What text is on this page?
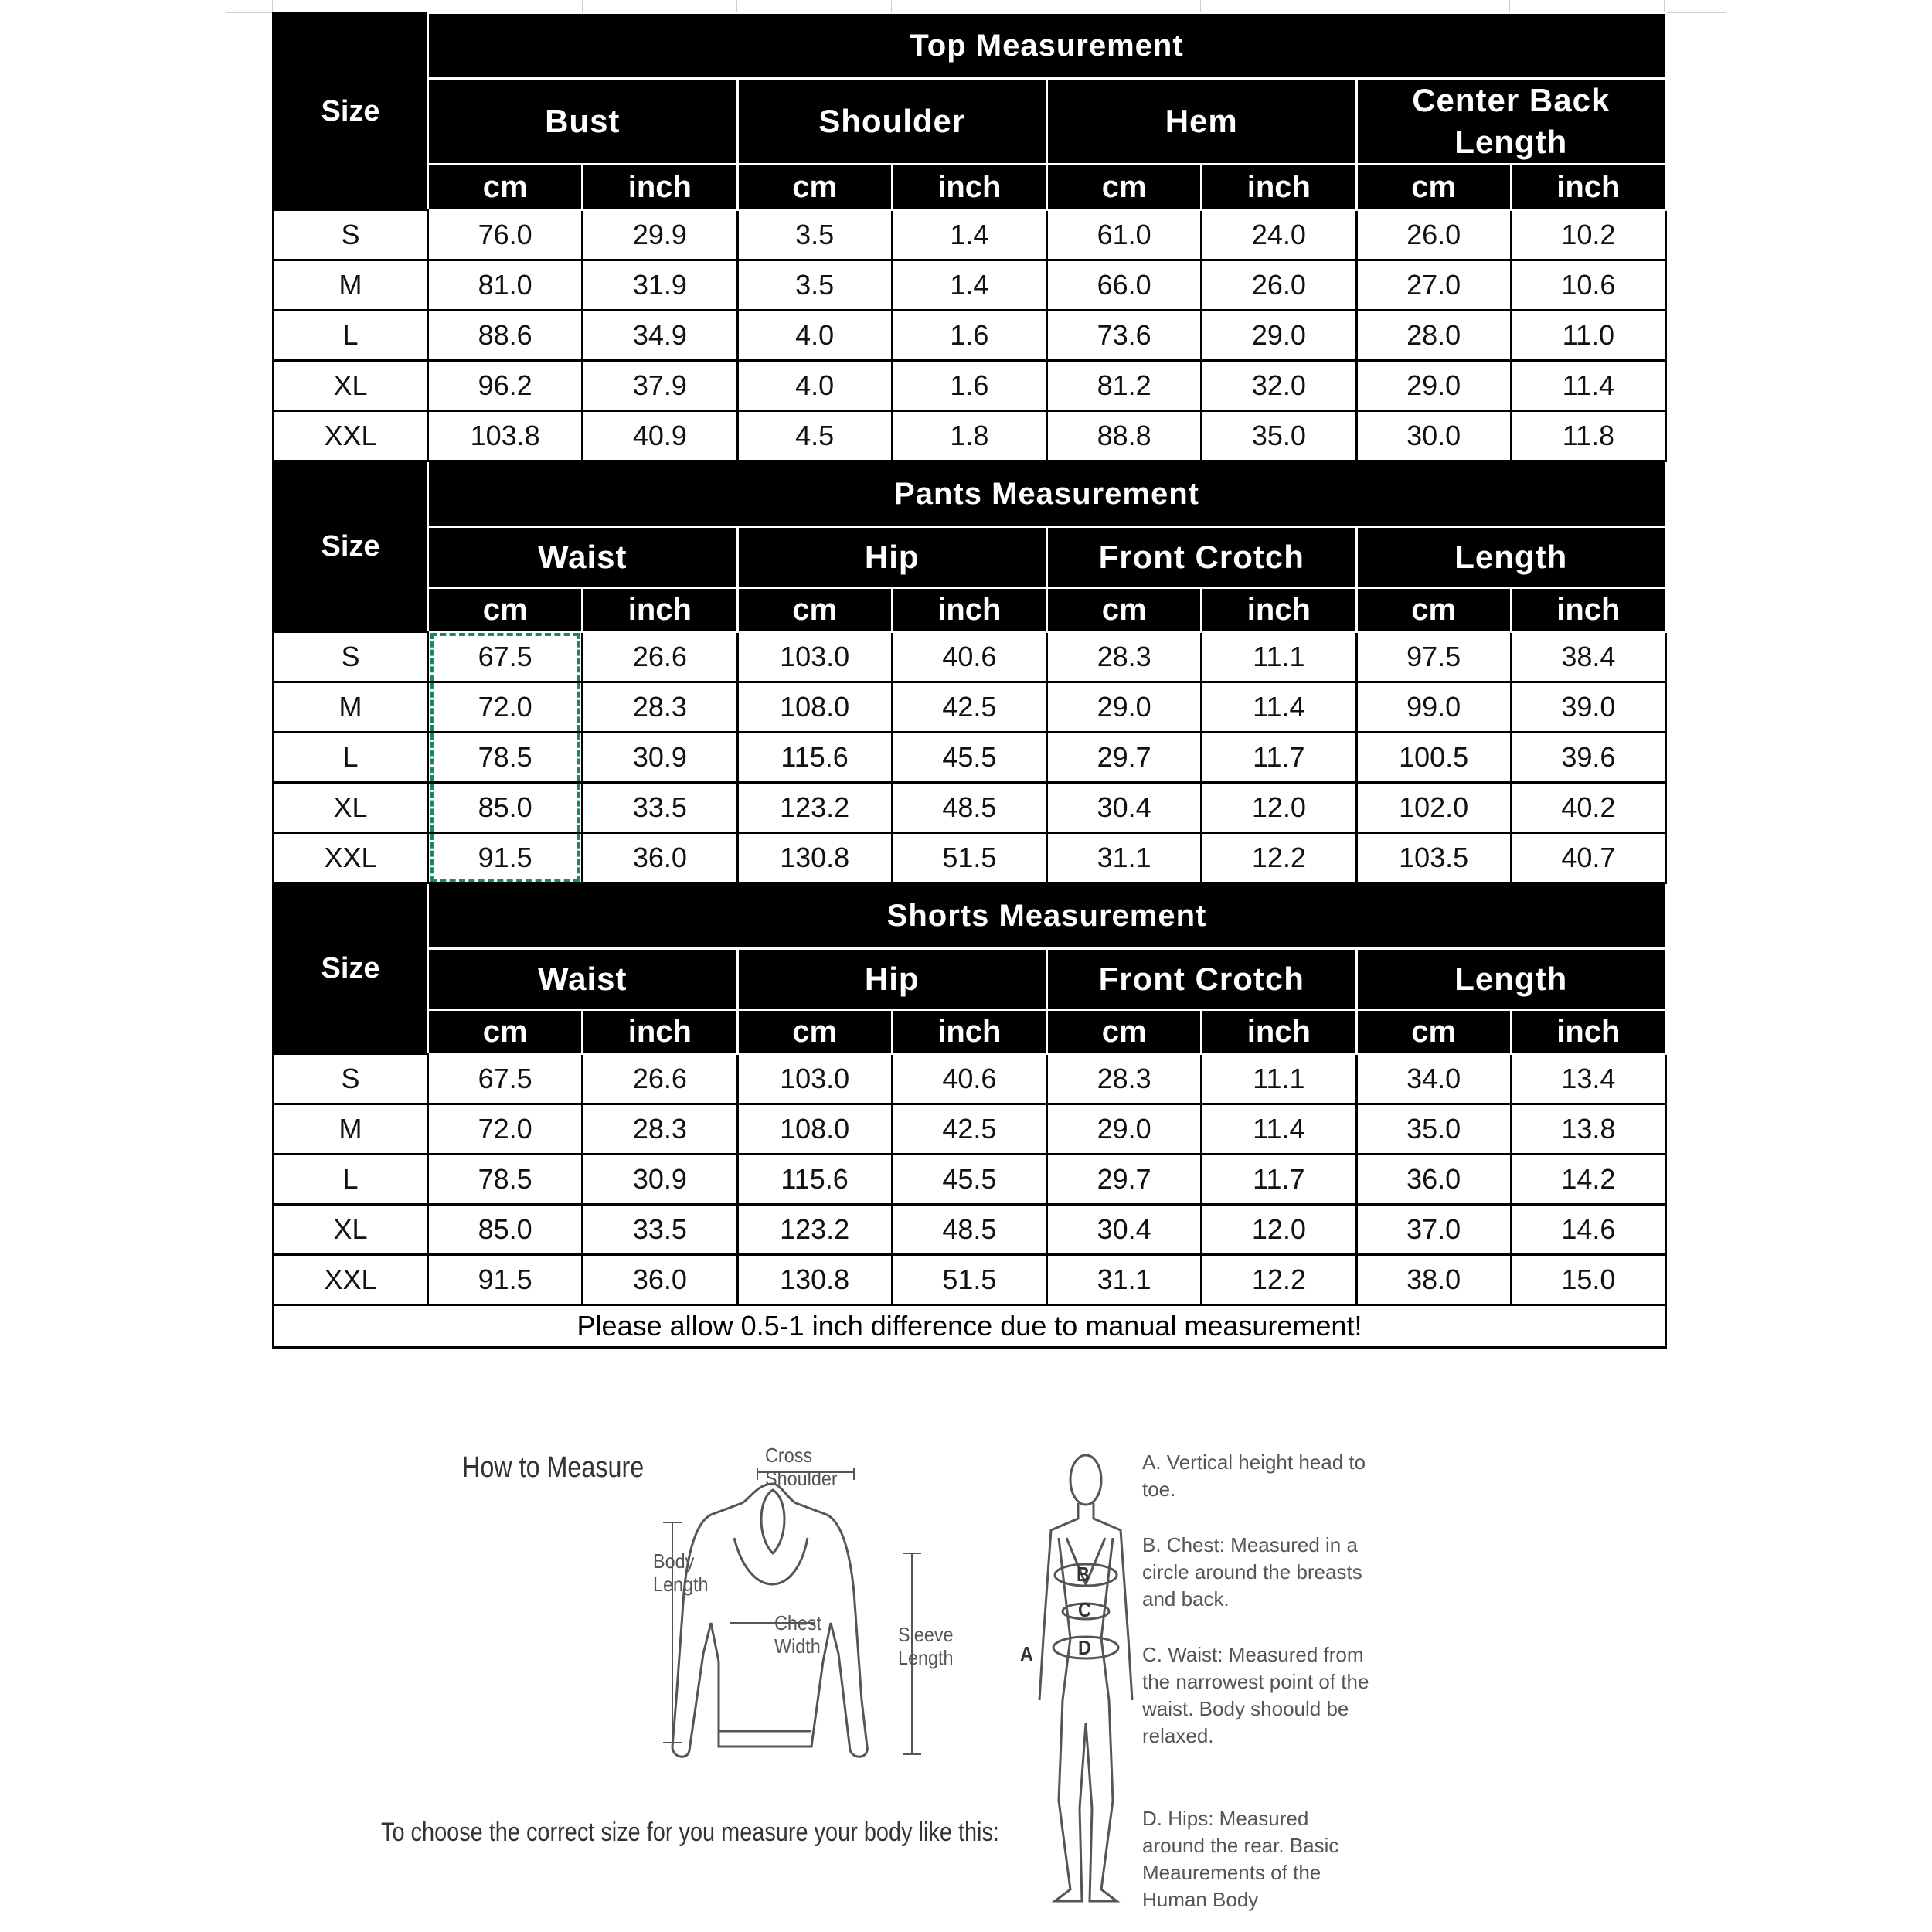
Size	Top Measurement							
	Bust		Shoulder		Hem		Center Back Length	
	cm	inch	cm	inch	cm	inch	cm	inch
S	76.0	29.9	3.5	1.4	61.0	24.0	26.0	10.2
M	81.0	31.9	3.5	1.4	66.0	26.0	27.0	10.6
L	88.6	34.9	4.0	1.6	73.6	29.0	28.0	11.0
XL	96.2	37.9	4.0	1.6	81.2	32.0	29.0	11.4
XXL	103.8	40.9	4.5	1.8	88.8	35.0	30.0	11.8
Size	Pants Measurement							
	Waist		Hip		Front Crotch		Length	
	cm	inch	cm	inch	cm	inch	cm	inch
S	67.5	26.6	103.0	40.6	28.3	11.1	97.5	38.4
M	72.0	28.3	108.0	42.5	29.0	11.4	99.0	39.0
L	78.5	30.9	115.6	45.5	29.7	11.7	100.5	39.6
XL	85.0	33.5	123.2	48.5	30.4	12.0	102.0	40.2
XXL	91.5	36.0	130.8	51.5	31.1	12.2	103.5	40.7
Size	Shorts Measurement							
	Waist		Hip		Front Crotch		Length	
	cm	inch	cm	inch	cm	inch	cm	inch
S	67.5	26.6	103.0	40.6	28.3	11.1	34.0	13.4
M	72.0	28.3	108.0	42.5	29.0	11.4	35.0	13.8
L	78.5	30.9	115.6	45.5	29.7	11.7	36.0	14.2
XL	85.0	33.5	123.2	48.5	30.4	12.0	37.0	14.6
XXL	91.5	36.0	130.8	51.5	31.1	12.2	38.0	15.0
Please allow 0.5-1 inch difference due to manual measurement!								
How to Measure	Cross
Shoulder
Body
Length
Chest
Width	Sleeve
Length
B
C
D
A
A. Vertical height head to toe.
B. Chest: Measured in a circle around the breasts and back.
C. Waist: Measured from the narrowest point of the waist. Body shoould be relaxed.
D. Hips: Measured around the rear. Basic Meaurements of the Human Body
To choose the correct size for you measure your body like this:
